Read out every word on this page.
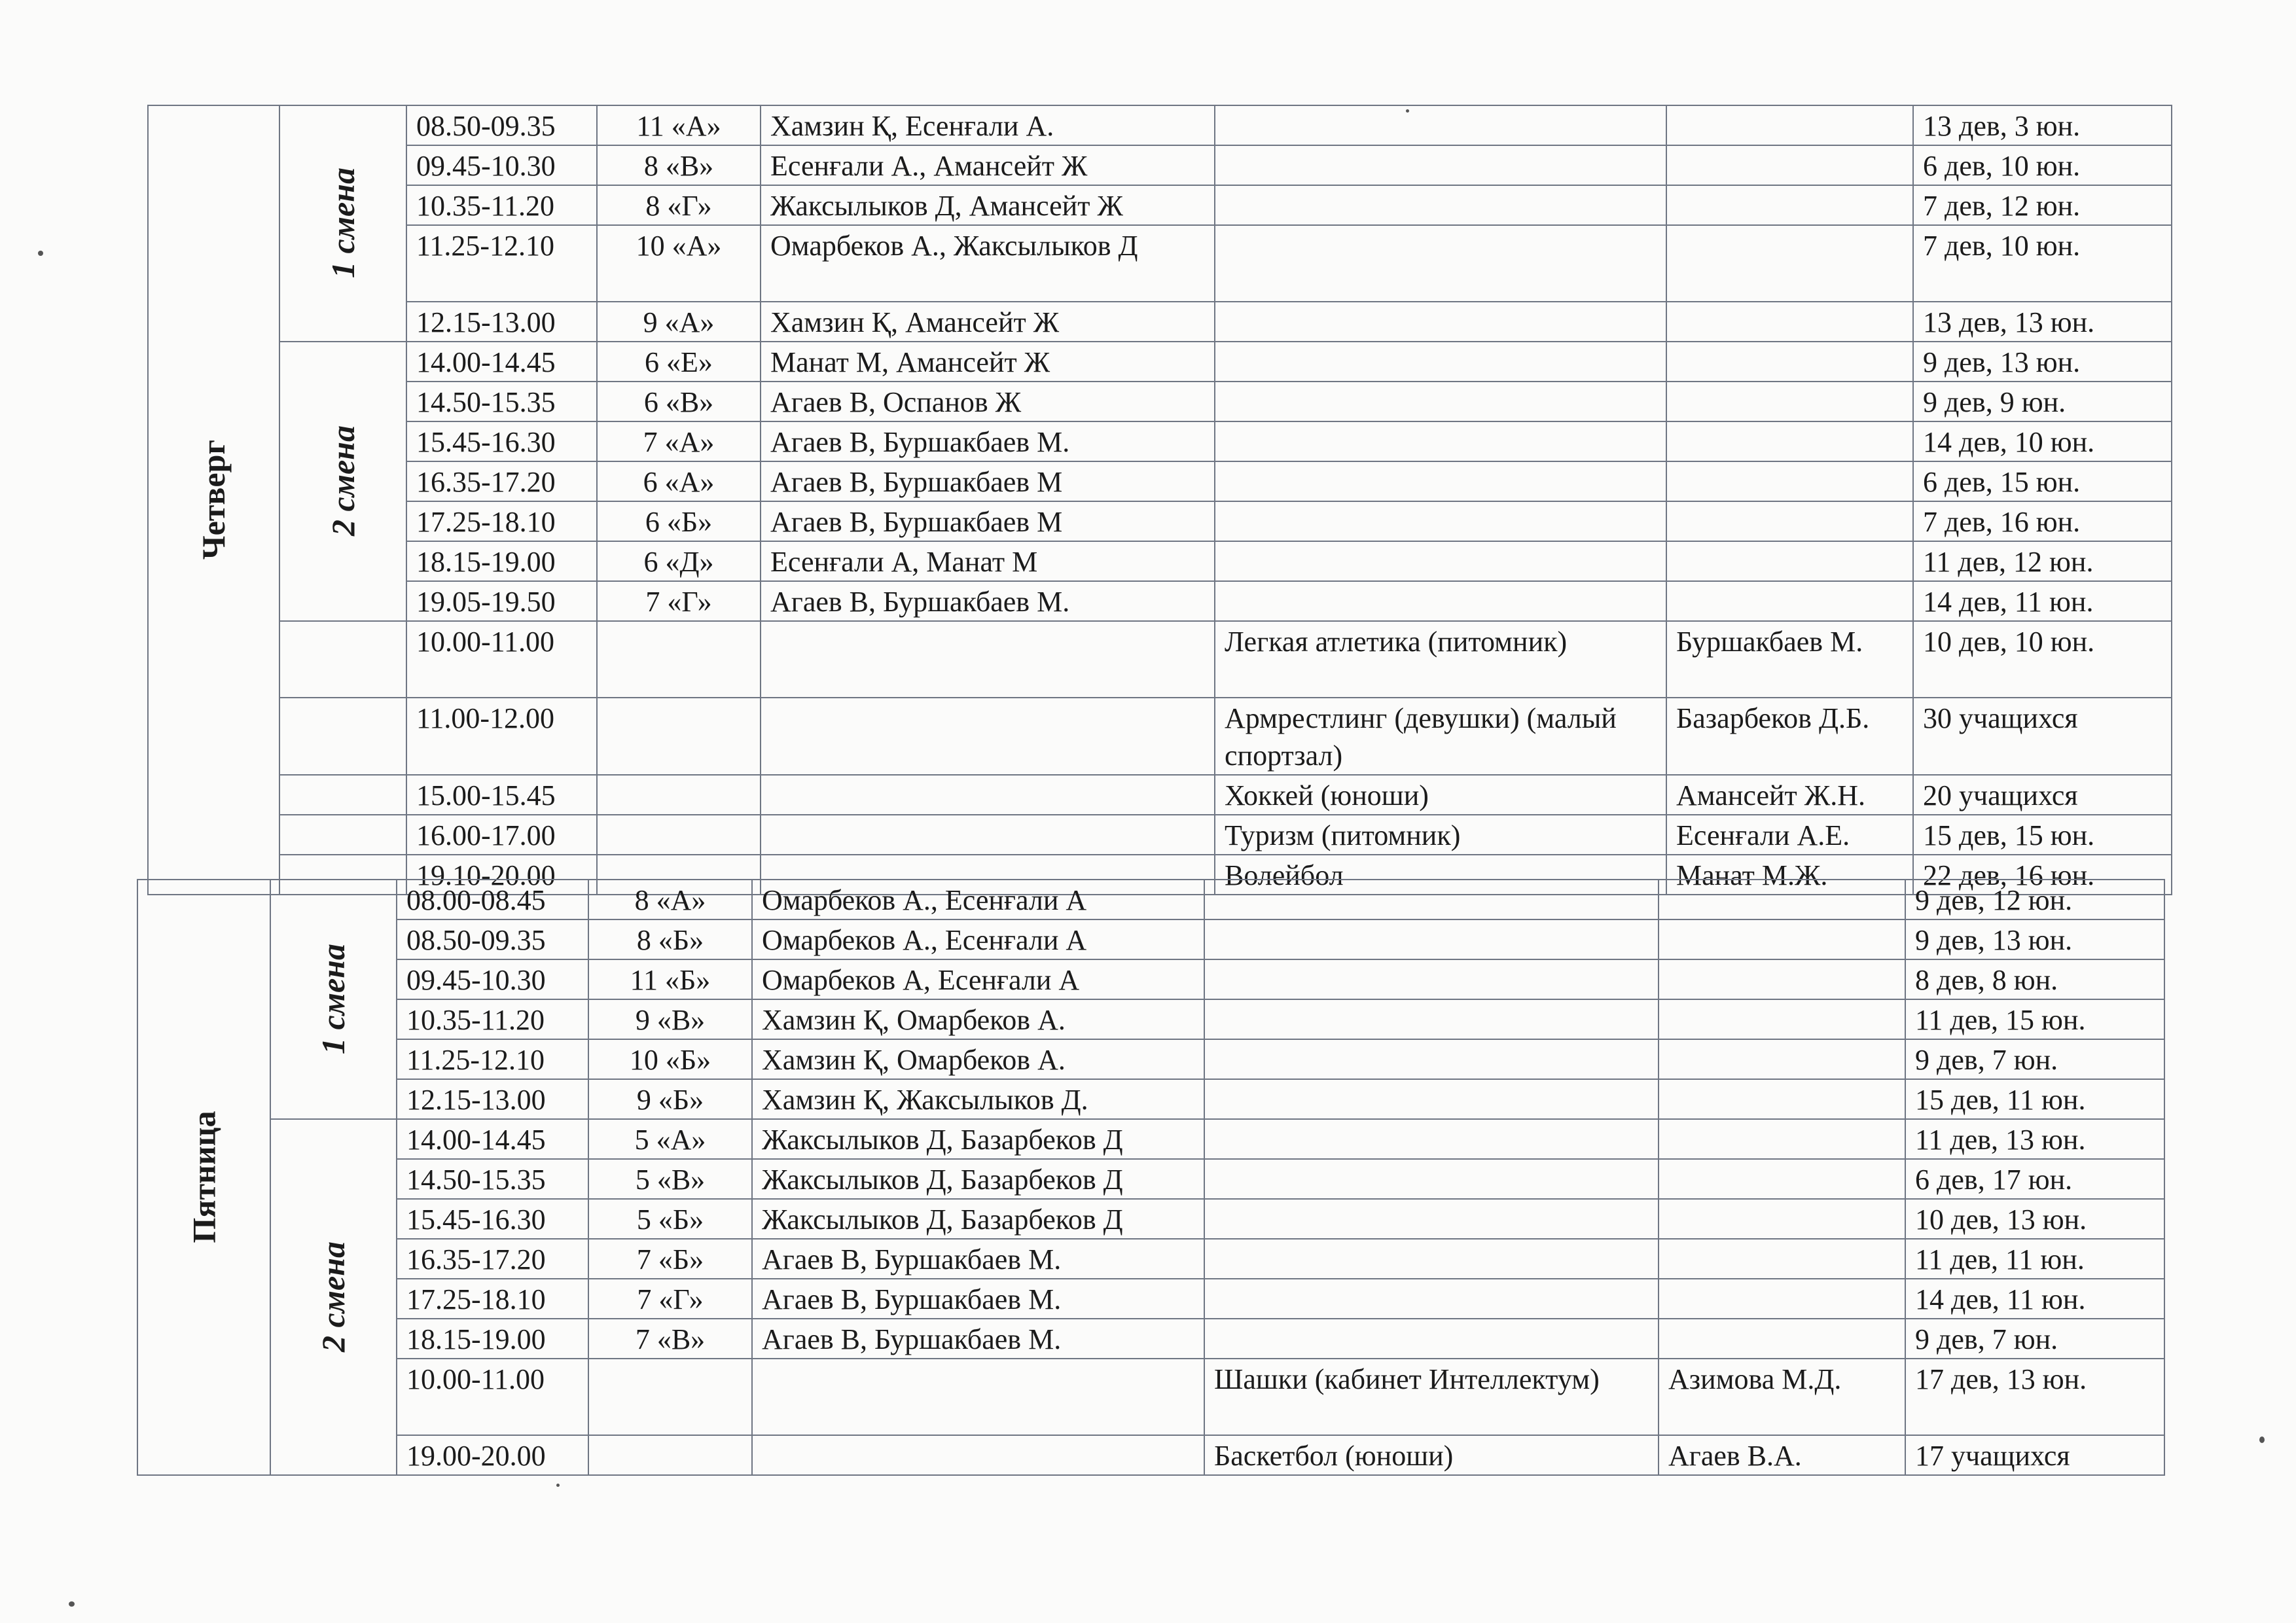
Четверг	1 смена	08.50-09.35	11 «А»	Хамзин Қ, Есенғали А.			13 дев, 3 юн.
		09.45-10.30	8 «В»	Есенғали А., Амансейт Ж			6 дев, 10 юн.
		10.35-11.20	8 «Г»	Жаксылыков Д, Амансейт Ж			7 дев, 12 юн.
		11.25-12.10	10 «А»	Омарбеков А., Жаксылыков Д			7 дев, 10 юн.
		12.15-13.00	9 «А»	Хамзин Қ, Амансейт Ж			13 дев, 13 юн.
	2 смена	14.00-14.45	6 «Е»	Манат М, Амансейт Ж			9 дев, 13 юн.
		14.50-15.35	6 «В»	Агаев В, Оспанов Ж			9 дев, 9 юн.
		15.45-16.30	7 «А»	Агаев В, Буршакбаев М.			14 дев, 10 юн.
		16.35-17.20	6 «А»	Агаев В, Буршакбаев М			6 дев, 15 юн.
		17.25-18.10	6 «Б»	Агаев В, Буршакбаев М			7 дев, 16 юн.
		18.15-19.00	6 «Д»	Есенғали А, Манат М			11 дев, 12 юн.
		19.05-19.50	7 «Г»	Агаев В, Буршакбаев М.			14 дев, 11 юн.
		10.00-11.00			Легкая атлетика (питомник)	Буршакбаев М.	10 дев, 10 юн.
		11.00-12.00			Армрестлинг (девушки) (малый спортзал)	Базарбеков Д.Б.	30 учащихся
		15.00-15.45			Хоккей (юноши)	Амансейт Ж.Н.	20 учащихся
		16.00-17.00			Туризм (питомник)	Есенғали А.Е.	15 дев, 15 юн.
		19.10-20.00			Волейбол	Манат М.Ж.	22 дев, 16 юн.
Пятница	1 смена	08.00-08.45	8 «А»	Омарбеков А., Есенғали А			9 дев, 12 юн.
		08.50-09.35	8 «Б»	Омарбеков А., Есенғали А			9 дев, 13 юн.
		09.45-10.30	11 «Б»	Омарбеков А, Есенғали А			8 дев, 8 юн.
		10.35-11.20	9 «В»	Хамзин Қ, Омарбеков А.			11 дев, 15 юн.
		11.25-12.10	10 «Б»	Хамзин Қ, Омарбеков А.			9 дев, 7 юн.
		12.15-13.00	9 «Б»	Хамзин Қ, Жаксылыков Д.			15 дев, 11 юн.
	2 смена	14.00-14.45	5 «А»	Жаксылыков Д, Базарбеков Д			11 дев, 13 юн.
		14.50-15.35	5 «В»	Жаксылыков Д, Базарбеков Д			6 дев, 17 юн.
		15.45-16.30	5 «Б»	Жаксылыков Д, Базарбеков Д			10 дев, 13 юн.
		16.35-17.20	7 «Б»	Агаев В, Буршакбаев М.			11 дев, 11 юн.
		17.25-18.10	7 «Г»	Агаев В, Буршакбаев М.			14 дев, 11 юн.
		18.15-19.00	7 «В»	Агаев В, Буршакбаев М.			9 дев, 7 юн.
		10.00-11.00			Шашки (кабинет Интеллектум)	Азимова М.Д.	17 дев, 13 юн.
		19.00-20.00			Баскетбол (юноши)	Агаев В.А.	17 учащихся
